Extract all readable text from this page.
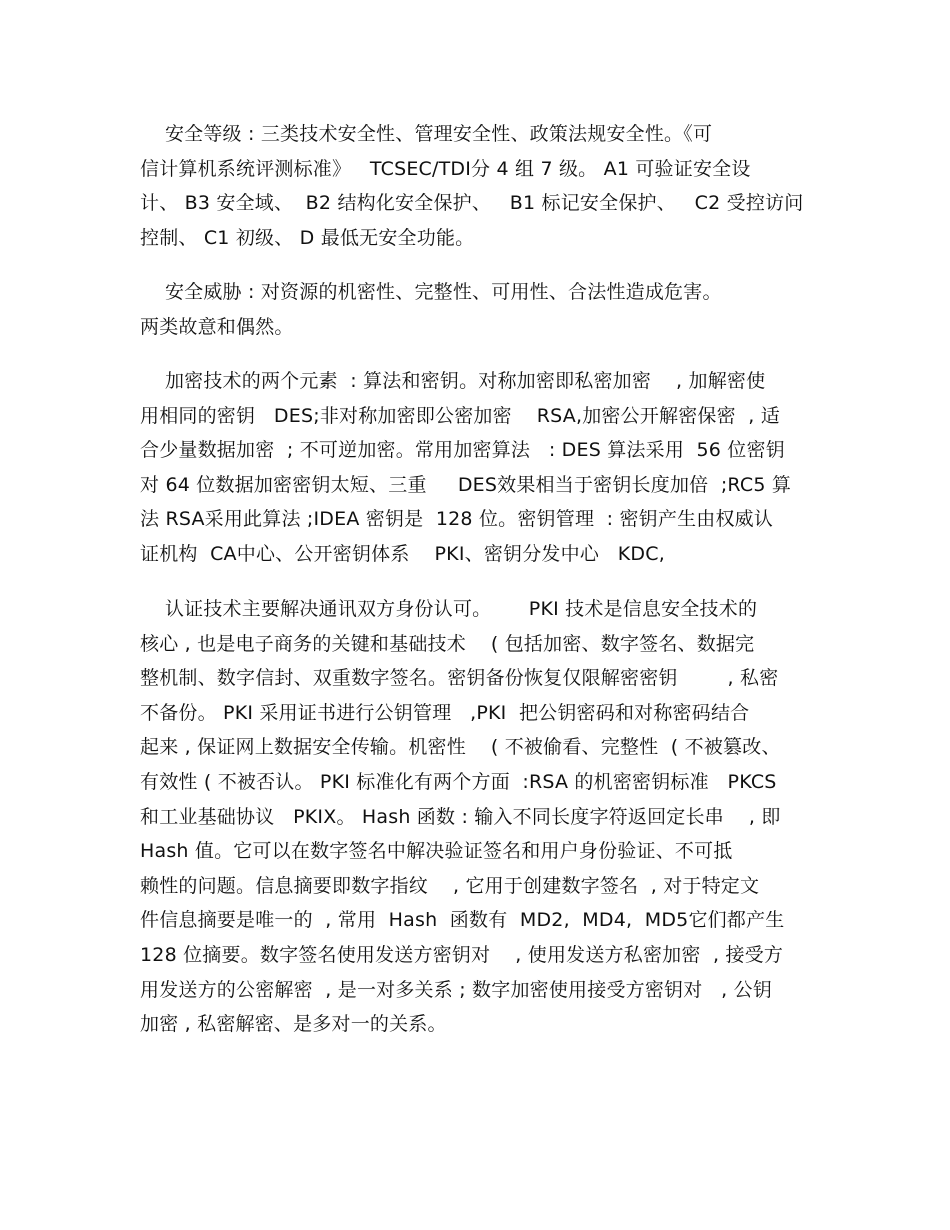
安全等级 : 三类技术安全性、管理安全性、政策法规安全性。《可
信计算机系统评测标准》   TCSEC/TDI分 4 组 7 级。 A1 可验证安全设
计、 B3 安全域、  B2 结构化安全保护、   B1 标记安全保护、   C2 受控访问
控制、 C1 初级、 D 最低无安全功能。
安全威胁 : 对资源的机密性、完整性、可用性、合法性造成危害。
两类故意和偶然。
加密技术的两个元素  : 算法和密钥。对称加密即私密加密    , 加解密使
用相同的密钥   DES;非对称加密即公密加密    RSA,加密公开解密保密  , 适
合少量数据加密  ; 不可逆加密。常用加密算法   : DES 算法采用  56 位密钥
对 64 位数据加密密钥太短、三重     DES效果相当于密钥长度加倍  ;RC5 算
法 RSA采用此算法 ;IDEA 密钥是  128 位。密钥管理  : 密钥产生由权威认
证机构  CA中心、公开密钥体系    PKI、密钥分发中心   KDC,
认证技术主要解决通讯双方身份认可。      PKI 技术是信息安全技术的
核心 , 也是电子商务的关键和基础技术    ( 包括加密、数字签名、数据完
整机制、数字信封、双重数字签名。密钥备份恢复仅限解密密钥        , 私密
不备份。 PKI 采用证书进行公钥管理   ,PKI  把公钥密码和对称密码结合
起来 , 保证网上数据安全传输。机密性    ( 不被偷看、完整性  ( 不被篡改、
有效性 ( 不被否认。 PKI 标准化有两个方面  :RSA 的机密密钥标准   PKCS
和工业基础协议   PKIX。 Hash 函数 : 输入不同长度字符返回定长串    , 即
Hash 值。它可以在数字签名中解决验证签名和用户身份验证、不可抵
赖性的问题。信息摘要即数字指纹    , 它用于创建数字签名  , 对于特定文
件信息摘要是唯一的  , 常用  Hash  函数有  MD2,  MD4,  MD5它们都产生
128 位摘要。数字签名使用发送方密钥对    , 使用发送方私密加密  , 接受方
用发送方的公密解密  , 是一对多关系 ; 数字加密使用接受方密钥对   , 公钥
加密 , 私密解密、是多对一的关系。
